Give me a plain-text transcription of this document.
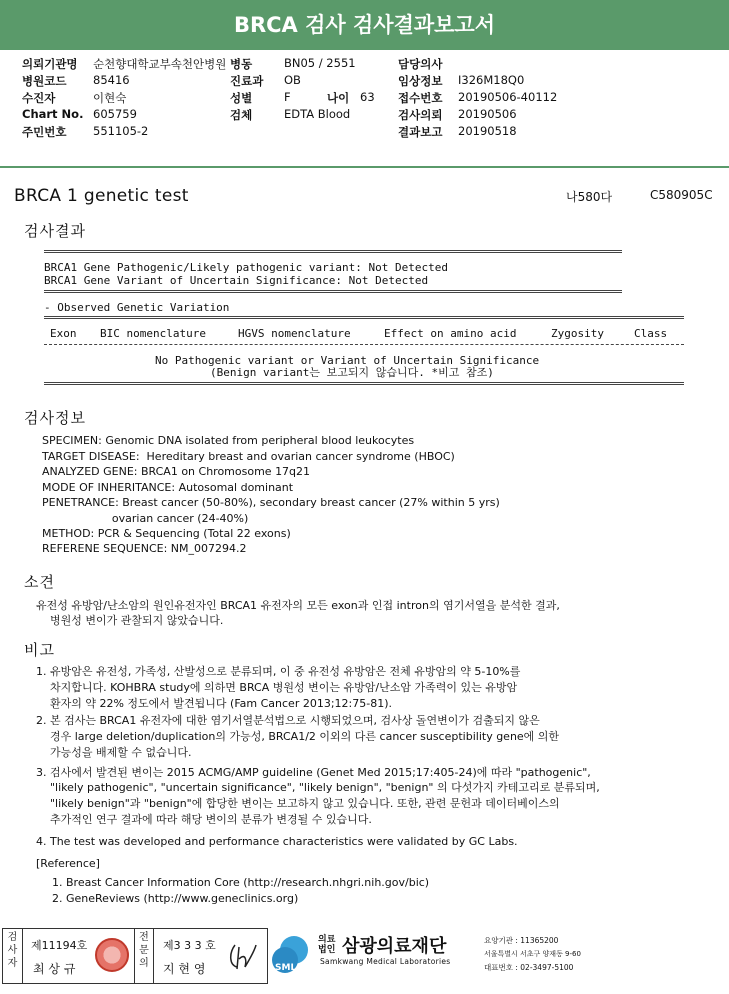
BRCA 검사 검사결과보고서
의뢰기관명 순천향대학교부속천안병원 병동	BN05 / 2551	담당의사
병원코드 85416	진료과 OB	임상정보 I326M18Q0
수진자	이현숙	성별	F	나이 63 접수번호 20190506-40112
Chart No. 605759	검체	EDTA Blood	검사의뢰 20190506
주민번호 551105-2	결과보고 20190518
BRCA 1 genetic test	나580다	C580905C
검사결과
BRCA1 Gene Pathogenic/Likely pathogenic variant: Not Detected
BRCA1 Gene Variant of Uncertain Significance: Not Detected
- Observed Genetic Variation
Exon BIC nomenclature	HGVS nomenclature	Effect on amino acid	Zygosity	Class
No Pathogenic variant or Variant of Uncertain Significance
(Benign variant는 보고되지 않습니다. *비고 참조)
검사정보
SPECIMEN: Genomic DNA isolated from peripheral blood leukocytes
TARGET DISEASE:  Hereditary breast and ovarian cancer syndrome (HBOC)
ANALYZED GENE: BRCA1 on Chromosome 17q21
MODE OF INHERITANCE: Autosomal dominant
PENETRANCE: Breast cancer (50-80%), secondary breast cancer (27% within 5 yrs)
ovarian cancer (24-40%)
METHOD: PCR & Sequencing (Total 22 exons)
REFERENE SEQUENCE: NM_007294.2
소견
유전성 유방암/난소암의 원인유전자인 BRCA1 유전자의 모든 exon과 인접 intron의 염기서열을 분석한 결과,
병원성 변이가 관찰되지 않았습니다.
비고
1. 유방암은 유전성, 가족성, 산발성으로 분류되며, 이 중 유전성 유방암은 전체 유방암의 약 5-10%를
차지합니다. KOHBRA study에 의하면 BRCA 병원성 변이는 유방암/난소암 가족력이 있는 유방암
환자의 약 22% 정도에서 발견됩니다 (Fam Cancer 2013;12:75-81).
2. 본 검사는 BRCA1 유전자에 대한 염기서열분석법으로 시행되었으며, 검사상 돌연변이가 검출되지 않은
경우 large deletion/duplication의 가능성, BRCA1/2 이외의 다른 cancer susceptibility gene에 의한
가능성을 배제할 수 없습니다.
3. 검사에서 발견된 변이는 2015 ACMG/AMP guideline (Genet Med 2015;17:405-24)에 따라 "pathogenic",
"likely pathogenic", "uncertain significance", "likely benign", "benign" 의 다섯가지 카테고리로 분류되며,
"likely benign"과 "benign"에 합당한 변이는 보고하지 않고 있습니다. 또한, 관련 문헌과 데이터베이스의
추가적인 연구 결과에 따라 해당 변이의 분류가 변경될 수 있습니다.
4. The test was developed and performance characteristics were validated by GC Labs.
[Reference]
1. Breast Cancer Information Core (http://research.nhgri.nih.gov/bic)
2. GeneReviews (http://www.geneclinics.org)
검사자
제11194호
최 상 규
전문의
제3 3 3 호
지 현 영	SML
의료법인 삼광의료재단
Samkwang Medical Laboratories
요양기관 : 11365200
서울특별시 서초구 양재동 9-60
대표번호 : 02-3497-5100
